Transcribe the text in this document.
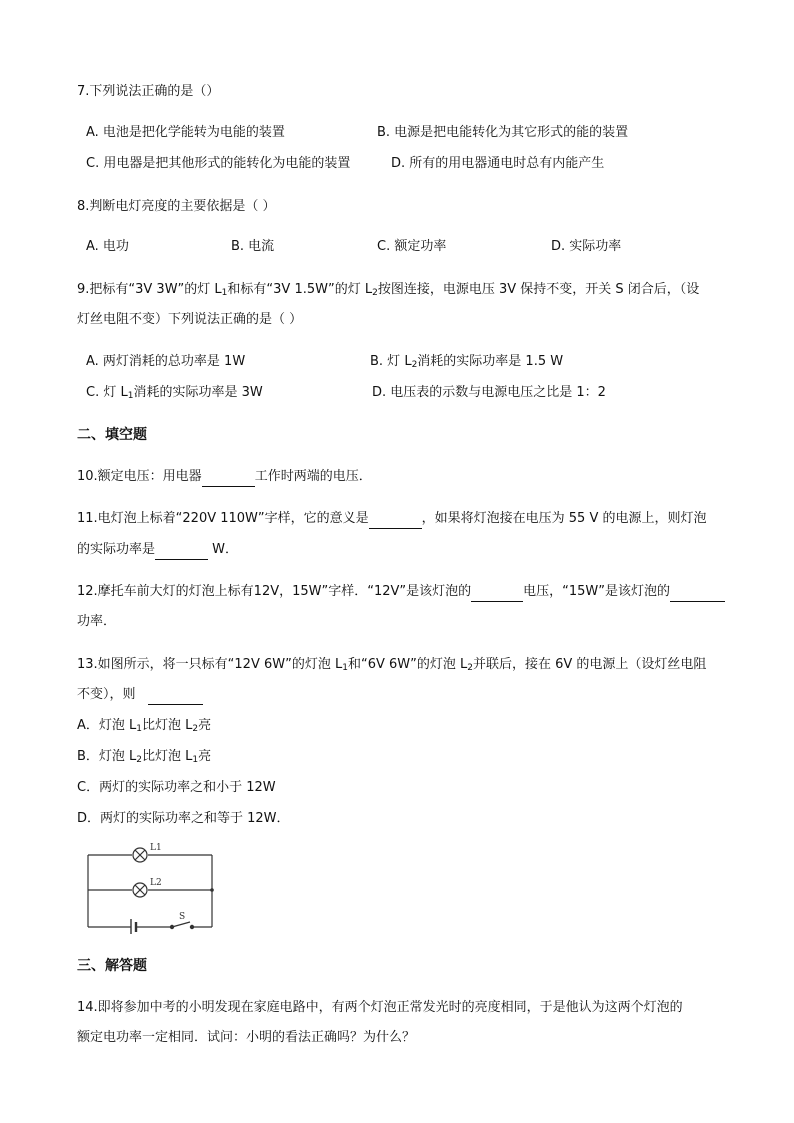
7.下列说法正确的是（）
A. 电池是把化学能转为电能的装置	B. 电源是把电能转化为其它形式的能的装置
C. 用电器是把其他形式的能转化为电能的装置	D. 所有的用电器通电时总有内能产生
8.判断电灯亮度的主要依据是（ ）
A. 电功	B. 电流	C. 额定功率	D. 实际功率
9.把标有“3V 3W”的灯 $L_1$和标有“3V 1.5W”的灯 $L_2$按图连接，电源电压 3V 保持不变，开关 S 闭合后，（设
灯丝电阻不变）下列说法正确的是（ ）
A. 两灯消耗的总功率是 1W	B. 灯 $L_2$消耗的实际功率是 1.5 W
C. 灯 $L_1$消耗的实际功率是 3W	D. 电压表的示数与电源电压之比是 1：2
二、填空题
10.额定电压：用电器	工作时两端的电压．
11.电灯泡上标着“220V 110W”字样，它的意义是	，如果将灯泡接在电压为 55 V 的电源上，则灯泡
的实际功率是	W．
12.摩托车前大灯的灯泡上标有12V，15W”字样．“12V”是该灯泡的	电压，“15W”是该灯泡的
功率．
13.如图所示，将一只标有“12V 6W”的灯泡 $L_1$和“6V 6W”的灯泡 $L_2$并联后，接在 6V 的电源上（设灯丝电阻
不变），则
A．灯泡 $L_1$比灯泡 $L_2$亮
B．灯泡 $L_2$比灯泡 $L_1$亮
C．两灯的实际功率之和小于 12W
D．两灯的实际功率之和等于 12W．
L1
L2
S
三、解答题
14.即将参加中考的小明发现在家庭电路中，有两个灯泡正常发光时的亮度相同，于是他认为这两个灯泡的
额定电功率一定相同．试问：小明的看法正确吗？为什么？
